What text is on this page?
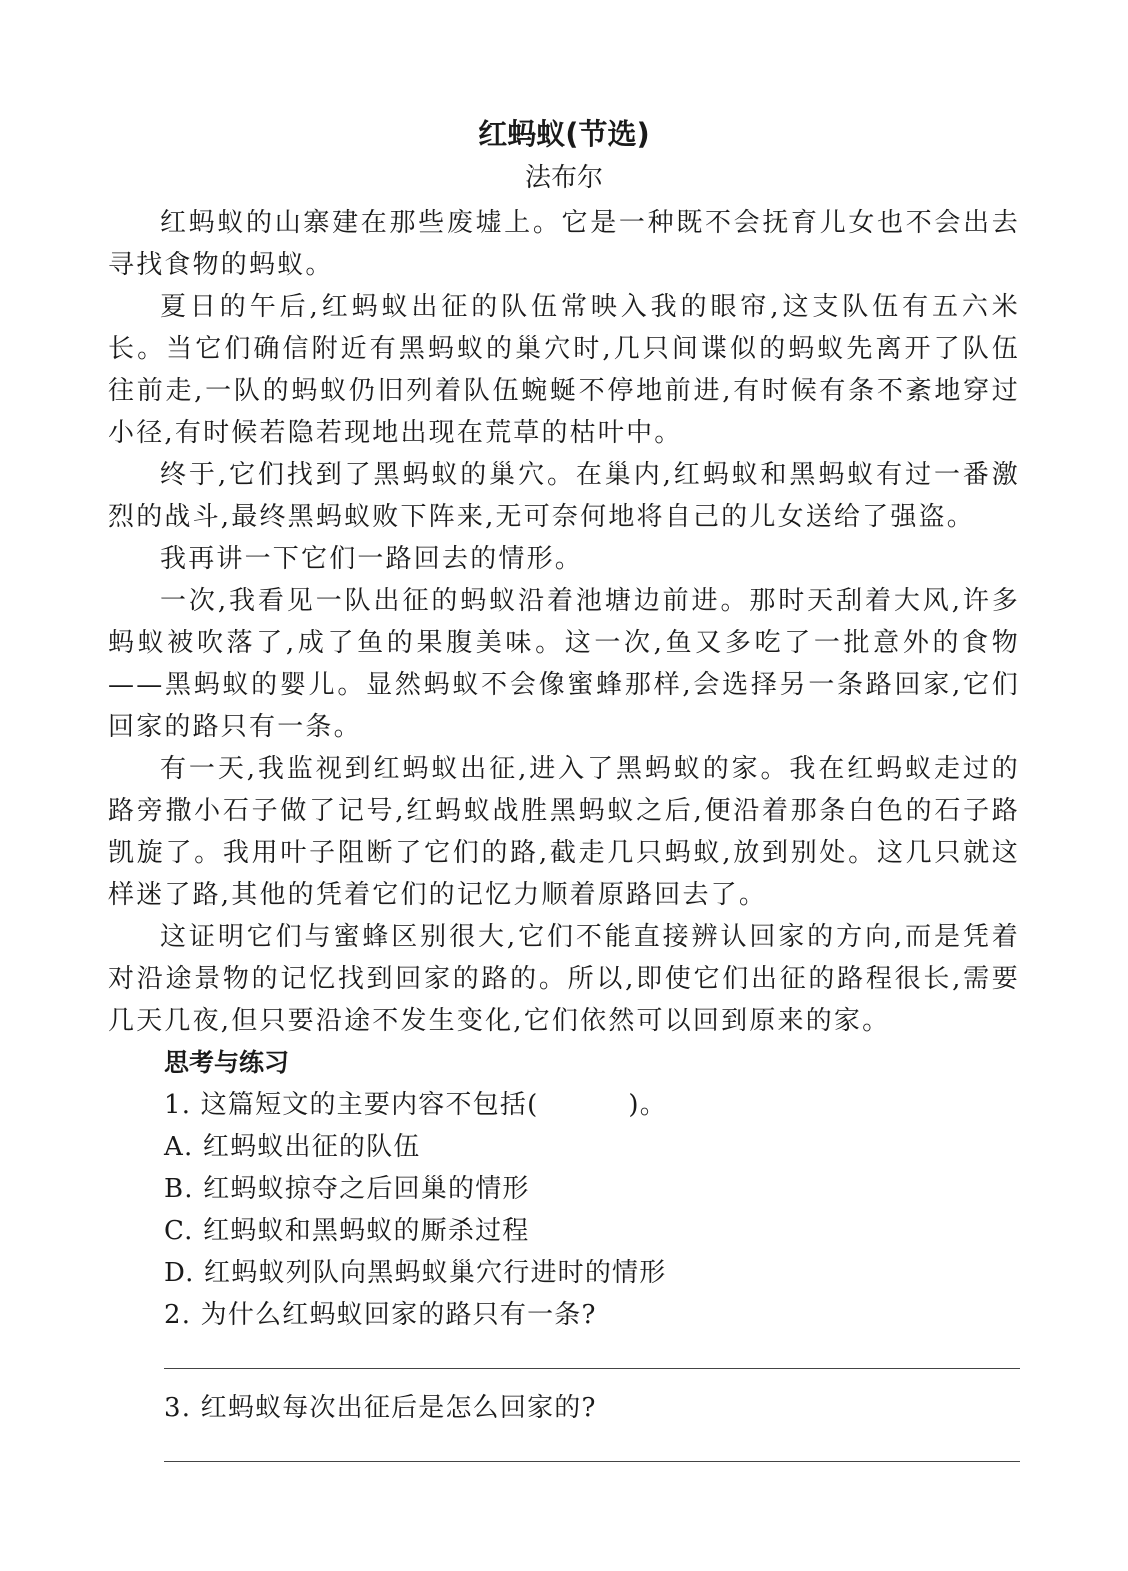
红蚂蚁(节选)
法布尔

红蚂蚁的山寨建在那些废墟上。它是一种既不会抚育儿女也不会出去寻找食物的蚂蚁。

夏日的午后,红蚂蚁出征的队伍常映入我的眼帘,这支队伍有五六米长。当它们确信附近有黑蚂蚁的巢穴时,几只间谍似的蚂蚁先离开了队伍往前走,一队的蚂蚁仍旧列着队伍蜿蜒不停地前进,有时候有条不紊地穿过小径,有时候若隐若现地出现在荒草的枯叶中。

终于,它们找到了黑蚂蚁的巢穴。在巢内,红蚂蚁和黑蚂蚁有过一番激烈的战斗,最终黑蚂蚁败下阵来,无可奈何地将自己的儿女送给了强盗。

我再讲一下它们一路回去的情形。

一次,我看见一队出征的蚂蚁沿着池塘边前进。那时天刮着大风,许多蚂蚁被吹落了,成了鱼的果腹美味。这一次,鱼又多吃了一批意外的食物——黑蚂蚁的婴儿。显然蚂蚁不会像蜜蜂那样,会选择另一条路回家,它们回家的路只有一条。

有一天,我监视到红蚂蚁出征,进入了黑蚂蚁的家。我在红蚂蚁走过的路旁撒小石子做了记号,红蚂蚁战胜黑蚂蚁之后,便沿着那条白色的石子路凯旋了。我用叶子阻断了它们的路,截走几只蚂蚁,放到别处。这几只就这样迷了路,其他的凭着它们的记忆力顺着原路回去了。

这证明它们与蜜蜂区别很大,它们不能直接辨认回家的方向,而是凭着对沿途景物的记忆找到回家的路的。所以,即使它们出征的路程很长,需要几天几夜,但只要沿途不发生变化,它们依然可以回到原来的家。

思考与练习
1. 这篇短文的主要内容不包括(	)。
A. 红蚂蚁出征的队伍
B. 红蚂蚁掠夺之后回巢的情形
C. 红蚂蚁和黑蚂蚁的厮杀过程
D. 红蚂蚁列队向黑蚂蚁巢穴行进时的情形
2. 为什么红蚂蚁回家的路只有一条?
3. 红蚂蚁每次出征后是怎么回家的?
